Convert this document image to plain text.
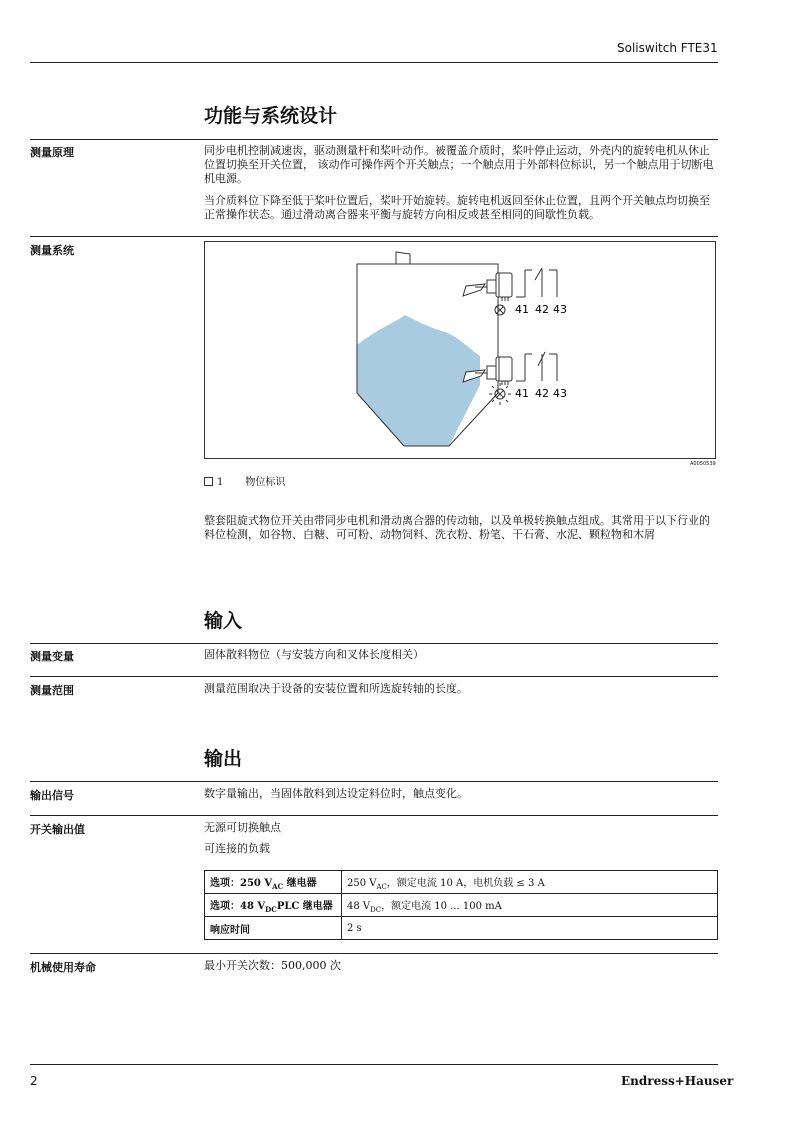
Soliswitch FTE31
功能与系统设计
测量原理	同步电机控制减速齿，驱动测量杆和桨叶动作。被覆盖介质时，桨叶停止运动，外壳内的旋转电机从休止位置切换至开关位置， 该动作可操作两个开关触点；一个触点用于外部料位标识，另一个触点用于切断电机电源。
当介质料位下降至低于桨叶位置后，桨叶开始旋转。旋转电机返回至休止位置，且两个开关触点均切换至正常操作状态。通过滑动离合器来平衡与旋转方向相反或甚至相同的间歇性负载。
测量系统
41 42 43
41 42 43
A0050539
1 物位标识
整套阻旋式物位开关由带同步电机和滑动离合器的传动轴，以及单极转换触点组成。其常用于以下行业的料位检测，如谷物、白糖、可可粉、动物饲料、洗衣粉、粉笔、干石膏、水泥、颗粒物和木屑
输入
测量变量	固体散料物位（与安装方向和叉体长度相关）
测量范围	测量范围取决于设备的安装位置和所选旋转轴的长度。
输出
输出信号	数字量输出，当固体散料到达设定料位时，触点变化。
开关输出值	无源可切换触点
可连接的负载
选项：250 $V_{AC}$ 继电器	250 $V_{AC}$，额定电流 10 A，电机负载 ≤ 3 A
选项：48 $V_{DC}PLC$ 继电器	48 $V_{DC}$，额定电流 10 ... 100 mA
响应时间	2 s
机械使用寿命	最小开关次数：500,000 次
2	Endress+Hauser
